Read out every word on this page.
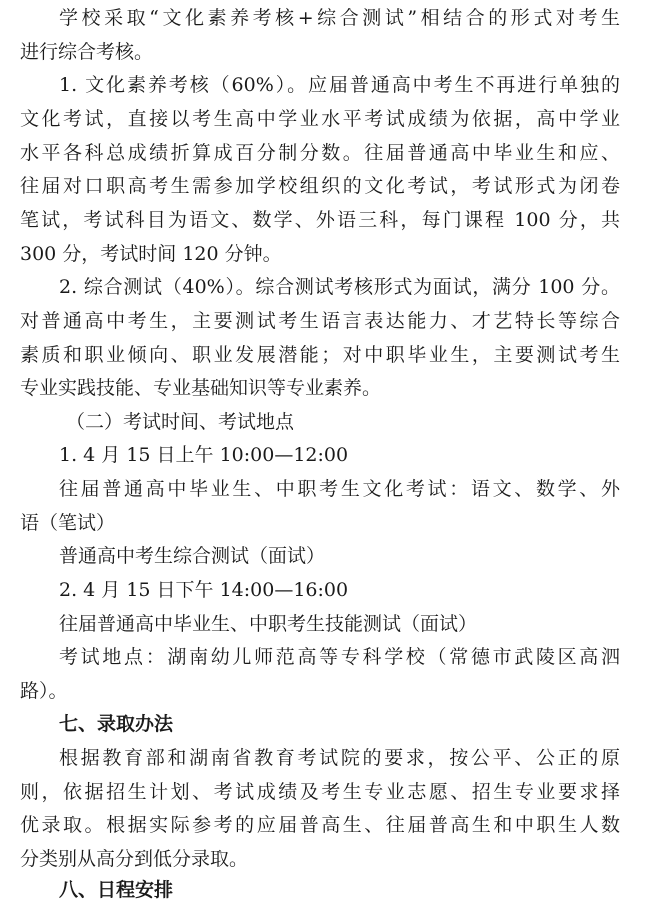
学校采取“文化素养考核+综合测试”相结合的形式对考生
进行综合考核。
1. 文化素养考核（60%）。应届普通高中考生不再进行单独的
文化考试，直接以考生高中学业水平考试成绩为依据，高中学业
水平各科总成绩折算成百分制分数。往届普通高中毕业生和应、
往届对口职高考生需参加学校组织的文化考试，考试形式为闭卷
笔试，考试科目为语文、数学、外语三科，每门课程 100 分，共
300 分，考试时间 120 分钟。
2. 综合测试（40%）。综合测试考核形式为面试，满分 100 分。
对普通高中考生，主要测试考生语言表达能力、才艺特长等综合
素质和职业倾向、职业发展潜能；对中职毕业生，主要测试考生
专业实践技能、专业基础知识等专业素养。
（二）考试时间、考试地点
1. 4 月 15 日上午 10:00—12:00
往届普通高中毕业生、中职考生文化考试：语文、数学、外
语（笔试）
普通高中考生综合测试（面试）
2. 4 月 15 日下午 14:00—16:00
往届普通高中毕业生、中职考生技能测试（面试）
考试地点：湖南幼儿师范高等专科学校（常德市武陵区高泗
路）。
七、录取办法
根据教育部和湖南省教育考试院的要求，按公平、公正的原
则，依据招生计划、考试成绩及考生专业志愿、招生专业要求择
优录取。根据实际参考的应届普高生、往届普高生和中职生人数
分类别从高分到低分录取。
八、日程安排
